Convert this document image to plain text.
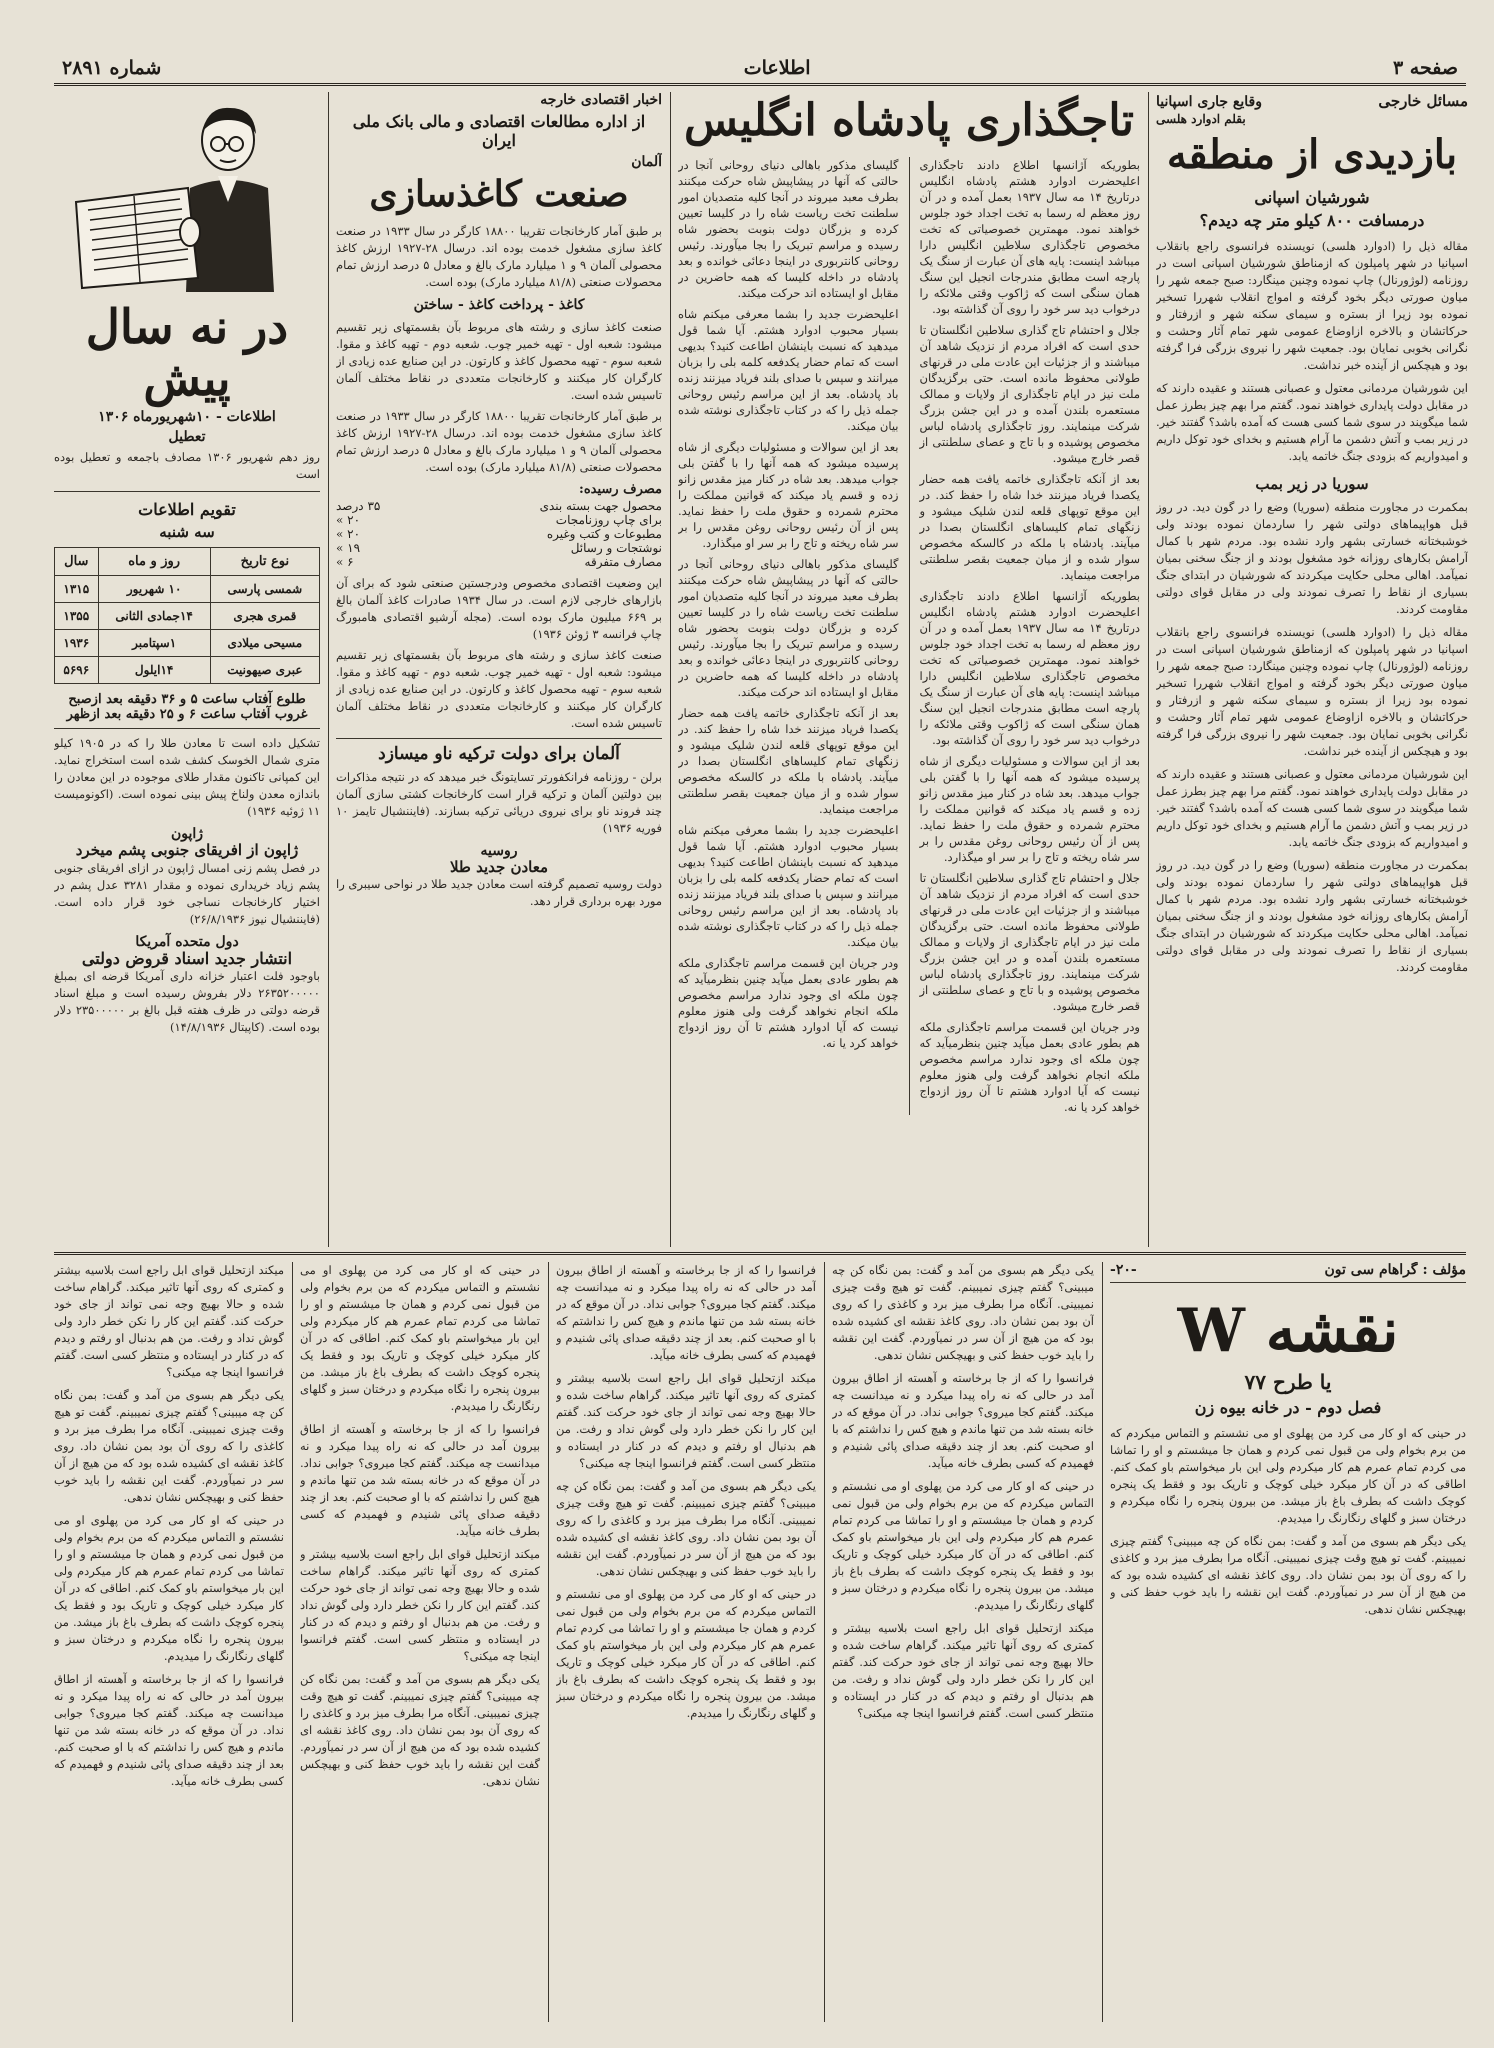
صفحه ۳
اطلاعات
شماره ۲۸۹۱
مسائل خارجی
وقایع جاری اسپانیا
بقلم ادوارد هلسی
بازدیدی از منطقه
شورشیان اسپانی
درمسافت ۸۰۰ کیلو متر چه دیدم؟

مقاله ذیل را (ادوارد هلسی) نویسنده فرانسوی راجع بانقلاب اسپانیا در شهر پامپلون که ازمناطق شورشیان اسپانی است در روزنامه (لوژورنال) چاپ نموده وچنین مینگارد: صبح جمعه شهر را میاون صورتی دیگر بخود گرفته و امواج انقلاب شهررا تسخیر نموده بود زیرا از بستره و سیمای سکنه شهر و ازرفتار و حرکاتشان و بالاخره ازاوضاع عمومی شهر تمام آثار وحشت و نگرانی بخوبی نمایان بود. جمعیت شهر را نیروی بزرگی فرا گرفته بود و هیچکس از آینده خبر نداشت.

این شورشیان مردمانی معتول و عصبانی هستند و عقیده دارند که در مقابل دولت پایداری خواهند نمود. گفتم مرا بهم چیز بطرز عمل شما میگویند در سوی شما کسی هست که آمده باشد؟ گفتند خیر. در زیر بمب و آتش دشمن ما آرام هستیم و بخدای خود توکل داریم و امیدواریم که بزودی جنگ خاتمه یابد.

سوریا در زیر بمب

بمکمرت در مجاورت منطقه (سوریا) وضع را در گون دید. در روز قبل هواپیماهای دولتی شهر را ساردمان نموده بودند ولی خوشبختانه خسارتی بشهر وارد نشده بود. مردم شهر با کمال آرامش بکارهای روزانه خود مشغول بودند و از جنگ سخنی بمیان نمیآمد. اهالی محلی حکایت میکردند که شورشیان در ابتدای جنگ بسیاری از نقاط را تصرف نمودند ولی در مقابل قوای دولتی مقاومت کردند.

مقاله ذیل را (ادوارد هلسی) نویسنده فرانسوی راجع بانقلاب اسپانیا در شهر پامپلون که ازمناطق شورشیان اسپانی است در روزنامه (لوژورنال) چاپ نموده وچنین مینگارد: صبح جمعه شهر را میاون صورتی دیگر بخود گرفته و امواج انقلاب شهررا تسخیر نموده بود زیرا از بستره و سیمای سکنه شهر و ازرفتار و حرکاتشان و بالاخره ازاوضاع عمومی شهر تمام آثار وحشت و نگرانی بخوبی نمایان بود. جمعیت شهر را نیروی بزرگی فرا گرفته بود و هیچکس از آینده خبر نداشت.

این شورشیان مردمانی معتول و عصبانی هستند و عقیده دارند که در مقابل دولت پایداری خواهند نمود. گفتم مرا بهم چیز بطرز عمل شما میگویند در سوی شما کسی هست که آمده باشد؟ گفتند خیر. در زیر بمب و آتش دشمن ما آرام هستیم و بخدای خود توکل داریم و امیدواریم که بزودی جنگ خاتمه یابد.

بمکمرت در مجاورت منطقه (سوریا) وضع را در گون دید. در روز قبل هواپیماهای دولتی شهر را ساردمان نموده بودند ولی خوشبختانه خسارتی بشهر وارد نشده بود. مردم شهر با کمال آرامش بکارهای روزانه خود مشغول بودند و از جنگ سخنی بمیان نمیآمد. اهالی محلی حکایت میکردند که شورشیان در ابتدای جنگ بسیاری از نقاط را تصرف نمودند ولی در مقابل قوای دولتی مقاومت کردند.

تاجگذاری پادشاه انگلیس

بطوریکه آژانسها اطلاع دادند تاجگذاری اعلیحضرت ادوارد هشتم پادشاه انگلیس درتاریخ ۱۴ مه سال ۱۹۳۷ بعمل آمده و در آن روز معظم له رسما به تخت اجداد خود جلوس خواهند نمود. مهمترین خصوصیاتی که تخت مخصوص تاجگذاری سلاطین انگلیس دارا میباشد اینست: پایه های آن عبارت از سنگ یک پارچه است مطابق مندرجات انجیل این سنگ همان سنگی است که ژاکوب وقتی ملائکه را درخواب دید سر خود را روی آن گذاشته بود.

جلال و احتشام تاج گذاری سلاطین انگلستان تا حدی است که افراد مردم از نزدیک شاهد آن میباشند و از جزئیات این عادت ملی در قرنهای طولانی محفوظ مانده است. حتی برگزیدگان ملت نیز در ایام تاجگذاری از ولایات و ممالک مستعمره بلندن آمده و در این جشن بزرگ شرکت مینمایند. روز تاجگذاری پادشاه لباس مخصوص پوشیده و با تاج و عصای سلطنتی از قصر خارج میشود.

بعد از آنکه تاجگذاری خاتمه یافت همه حضار یکصدا فریاد میزنند خدا شاه را حفظ کند. در این موقع توپهای قلعه لندن شلیک میشود و زنگهای تمام کلیساهای انگلستان بصدا در میآیند. پادشاه با ملکه در کالسکه مخصوص سوار شده و از میان جمعیت بقصر سلطنتی مراجعت مینماید.

بطوریکه آژانسها اطلاع دادند تاجگذاری اعلیحضرت ادوارد هشتم پادشاه انگلیس درتاریخ ۱۴ مه سال ۱۹۳۷ بعمل آمده و در آن روز معظم له رسما به تخت اجداد خود جلوس خواهند نمود. مهمترین خصوصیاتی که تخت مخصوص تاجگذاری سلاطین انگلیس دارا میباشد اینست: پایه های آن عبارت از سنگ یک پارچه است مطابق مندرجات انجیل این سنگ همان سنگی است که ژاکوب وقتی ملائکه را درخواب دید سر خود را روی آن گذاشته بود.

بعد از این سوالات و مسئولیات دیگری از شاه پرسیده میشود که همه آنها را با گفتن بلی جواب میدهد. بعد شاه در کنار میز مقدس زانو زده و قسم یاد میکند که قوانین مملکت را محترم شمرده و حقوق ملت را حفظ نماید. پس از آن رئیس روحانی روغن مقدس را بر سر شاه ریخته و تاج را بر سر او میگذارد.

جلال و احتشام تاج گذاری سلاطین انگلستان تا حدی است که افراد مردم از نزدیک شاهد آن میباشند و از جزئیات این عادت ملی در قرنهای طولانی محفوظ مانده است. حتی برگزیدگان ملت نیز در ایام تاجگذاری از ولایات و ممالک مستعمره بلندن آمده و در این جشن بزرگ شرکت مینمایند. روز تاجگذاری پادشاه لباس مخصوص پوشیده و با تاج و عصای سلطنتی از قصر خارج میشود.

ودر جریان این قسمت مراسم تاجگذاری ملکه هم بطور عادی بعمل میآید چنین بنظرمیآید که چون ملکه ای وجود ندارد مراسم مخصوص ملکه انجام نخواهد گرفت ولی هنوز معلوم نیست که آیا ادوارد هشتم تا آن روز ازدواج خواهد کرد یا نه.

گلیسای مذکور باهالی دنیای روحانی آنجا در حالتی که آنها در پیشاپیش شاه حرکت میکنند بطرف معبد میروند در آنجا کلیه متصدیان امور سلطنت تخت ریاست شاه را در کلیسا تعیین کرده و بزرگان دولت بنوبت بحضور شاه رسیده و مراسم تبریک را بجا میآورند. رئیس روحانی کانتربوری در اینجا دعائی خوانده و بعد پادشاه در داخله کلیسا که همه حاضرین در مقابل او ایستاده اند حرکت میکند.

اعلیحضرت جدید را بشما معرفی میکنم شاه بسیار محبوب ادوارد هشتم. آیا شما قول میدهید که نسبت باینشان اطاعت کنید؟ بدیهی است که تمام حضار یکدفعه کلمه بلی را بزبان میرانند و سپس با صدای بلند فریاد میزنند زنده باد پادشاه. بعد از این مراسم رئیس روحانی جمله ذیل را که در کتاب تاجگذاری نوشته شده بیان میکند.

بعد از این سوالات و مسئولیات دیگری از شاه پرسیده میشود که همه آنها را با گفتن بلی جواب میدهد. بعد شاه در کنار میز مقدس زانو زده و قسم یاد میکند که قوانین مملکت را محترم شمرده و حقوق ملت را حفظ نماید. پس از آن رئیس روحانی روغن مقدس را بر سر شاه ریخته و تاج را بر سر او میگذارد.

گلیسای مذکور باهالی دنیای روحانی آنجا در حالتی که آنها در پیشاپیش شاه حرکت میکنند بطرف معبد میروند در آنجا کلیه متصدیان امور سلطنت تخت ریاست شاه را در کلیسا تعیین کرده و بزرگان دولت بنوبت بحضور شاه رسیده و مراسم تبریک را بجا میآورند. رئیس روحانی کانتربوری در اینجا دعائی خوانده و بعد پادشاه در داخله کلیسا که همه حاضرین در مقابل او ایستاده اند حرکت میکند.

بعد از آنکه تاجگذاری خاتمه یافت همه حضار یکصدا فریاد میزنند خدا شاه را حفظ کند. در این موقع توپهای قلعه لندن شلیک میشود و زنگهای تمام کلیساهای انگلستان بصدا در میآیند. پادشاه با ملکه در کالسکه مخصوص سوار شده و از میان جمعیت بقصر سلطنتی مراجعت مینماید.

اعلیحضرت جدید را بشما معرفی میکنم شاه بسیار محبوب ادوارد هشتم. آیا شما قول میدهید که نسبت باینشان اطاعت کنید؟ بدیهی است که تمام حضار یکدفعه کلمه بلی را بزبان میرانند و سپس با صدای بلند فریاد میزنند زنده باد پادشاه. بعد از این مراسم رئیس روحانی جمله ذیل را که در کتاب تاجگذاری نوشته شده بیان میکند.

ودر جریان این قسمت مراسم تاجگذاری ملکه هم بطور عادی بعمل میآید چنین بنظرمیآید که چون ملکه ای وجود ندارد مراسم مخصوص ملکه انجام نخواهد گرفت ولی هنوز معلوم نیست که آیا ادوارد هشتم تا آن روز ازدواج خواهد کرد یا نه.

اخبار اقتصادی خارجه
از اداره مطالعات اقتصادی و مالی بانک ملی ایران
آلمان
صنعت کاغذسازی

بر طبق آمار کارخانجات تقریبا ۱۸۸۰۰ کارگر در سال ۱۹۳۳ در صنعت کاغذ سازی مشغول خدمت بوده اند. درسال ۲۸-۱۹۲۷ ارزش کاغذ محصولی آلمان ۹ و ۱ میلیارد مارک بالغ و معادل ۵ درصد ارزش تمام محصولات صنعتی (۸۱/۸ میلیارد مارک) بوده است.

کاغذ - پرداخت کاغذ - ساختن

صنعت کاغذ سازی و رشته های مربوط بآن بقسمتهای زیر تقسیم میشود: شعبه اول - تهیه خمیر چوب. شعبه دوم - تهیه کاغذ و مقوا. شعبه سوم - تهیه محصول کاغذ و کارتون. در این صنایع عده زیادی از کارگران کار میکنند و کارخانجات متعددی در نقاط مختلف آلمان تاسیس شده است.

بر طبق آمار کارخانجات تقریبا ۱۸۸۰۰ کارگر در سال ۱۹۳۳ در صنعت کاغذ سازی مشغول خدمت بوده اند. درسال ۲۸-۱۹۲۷ ارزش کاغذ محصولی آلمان ۹ و ۱ میلیارد مارک بالغ و معادل ۵ درصد ارزش تمام محصولات صنعتی (۸۱/۸ میلیارد مارک) بوده است.

مصرف رسیده:
محصول جهت بسته بندی
۳۵ درصد
برای چاپ روزنامجات
۲۰ »
مطبوعات و کتب وغیره
۲۰ »
نوشتجات و رسائل
۱۹ »
مصارف متفرقه
۶ »

این وضعیت اقتصادی مخصوص ودرجستین صنعتی شود که برای آن بازارهای خارجی لازم است. در سال ۱۹۳۴ صادرات کاغذ آلمان بالغ بر ۶۶۹ میلیون مارک بوده است. (مجله آرشیو اقتصادی هامبورگ چاپ فرانسه ۳ ژوئن ۱۹۳۶)

صنعت کاغذ سازی و رشته های مربوط بآن بقسمتهای زیر تقسیم میشود: شعبه اول - تهیه خمیر چوب. شعبه دوم - تهیه کاغذ و مقوا. شعبه سوم - تهیه محصول کاغذ و کارتون. در این صنایع عده زیادی از کارگران کار میکنند و کارخانجات متعددی در نقاط مختلف آلمان تاسیس شده است.

آلمان برای دولت ترکیه ناو میسازد

برلن - روزنامه فرانکفورتر تسایتونگ خبر میدهد که در نتیجه مذاکرات بین دولتین آلمان و ترکیه قرار است کارخانجات کشتی سازی آلمان چند فروند ناو برای نیروی دریائی ترکیه بسازند. (فایننشیال تایمز ۱۰ فوریه ۱۹۳۶)

روسیه
معادن جدید طلا

دولت روسیه تصمیم گرفته است معادن جدید طلا در نواحی سیبری را مورد بهره برداری قرار دهد.

در نه سال پیش
اطلاعات - ۱۰شهریورماه ۱۳۰۶
تعطیل

روز دهم شهریور ۱۳۰۶ مصادف باجمعه و تعطیل بوده است

تقویم اطلاعات
سه شنبه
نوع تاریخ	روز و ماه	سال
شمسی پارسی	۱۰ شهریور	۱۳۱۵
قمری هجری	۱۴جمادی الثانی	۱۳۵۵
مسیحی میلادی	۱سپتامبر	۱۹۳۶
عبری صیهونیت	۱۴ایلول	۵۶۹۶
طلوع آفتاب ساعت ۵ و ۳۶ دقیقه بعد ازصبح
غروب آفتاب ساعت ۶ و ۲۵ دقیقه بعد ازظهر

تشکیل داده است تا معادن طلا را که در ۱۹۰۵ کیلو متری شمال الخوسک کشف شده است استخراج نماید. این کمپانی تاکنون مقدار طلای موجوده در این معادن را باندازه معدن ولناخ پیش بینی نموده است. (اکونومیست ۱۱ ژوئیه ۱۹۳۶)

ژاپون
ژاپون از افریقای جنوبی پشم میخرد

در فصل پشم زنی امسال ژاپون در ازای افریقای جنوبی پشم زیاد خریداری نموده و مقدار ۳۲۸۱ عدل پشم در اختیار کارخانجات نساجی خود قرار داده است. (فایننشیال نیوز ۲۶/۸/۱۹۳۶)

دول متحده آمریکا
انتشار جدید اسناد قروض دولتی

باوجود فلت اعتبار خزانه داری آمریکا قرضه ای بمبلغ ۲۶۳۵۲۰۰۰۰۰ دلار بفروش رسیده است و مبلغ اسناد قرضه دولتی در ظرف هفته قبل بالغ بر ۲۳۵۰۰۰۰۰ دلار بوده است. (کاپیتال ۱۴/۸/۱۹۳۶)

مؤلف : گراهام سی تون
-۲۰-
نقشه W
یا طرح ۷۷
فصل دوم - در خانه بیوه زن

در حینی که او کار می کرد من پهلوی او می نشستم و التماس میکردم که من برم بخوام ولی من قبول نمی کردم و همان جا میشستم و او را تماشا می کردم تمام عمرم هم کار میکردم ولی این بار میخواستم باو کمک کنم. اطاقی که در آن کار میکرد خیلی کوچک و تاریک بود و فقط یک پنجره کوچک داشت که بطرف باغ باز میشد. من بیرون پنجره را نگاه میکردم و درختان سبز و گلهای رنگارنگ را میدیدم.

یکی دیگر هم بسوی من آمد و گفت: بمن نگاه کن چه میبینی؟ گفتم چیزی نمیبینم. گفت تو هیچ وقت چیزی نمیبینی. آنگاه مرا بطرف میز برد و کاغذی را که روی آن بود بمن نشان داد. روی کاغذ نقشه ای کشیده شده بود که من هیچ از آن سر در نمیآوردم. گفت این نقشه را باید خوب حفظ کنی و بهیچکس نشان ندهی.

یکی دیگر هم بسوی من آمد و گفت: بمن نگاه کن چه میبینی؟ گفتم چیزی نمیبینم. گفت تو هیچ وقت چیزی نمیبینی. آنگاه مرا بطرف میز برد و کاغذی را که روی آن بود بمن نشان داد. روی کاغذ نقشه ای کشیده شده بود که من هیچ از آن سر در نمیآوردم. گفت این نقشه را باید خوب حفظ کنی و بهیچکس نشان ندهی.

فرانسوا را که از جا برخاسته و آهسته از اطاق بیرون آمد در حالی که نه راه پیدا میکرد و نه میدانست چه میکند. گفتم کجا میروی؟ جوابی نداد. در آن موقع که در خانه بسته شد من تنها ماندم و هیچ کس را نداشتم که با او صحبت کنم. بعد از چند دقیقه صدای پائی شنیدم و فهمیدم که کسی بطرف خانه میآید.

در حینی که او کار می کرد من پهلوی او می نشستم و التماس میکردم که من برم بخوام ولی من قبول نمی کردم و همان جا میشستم و او را تماشا می کردم تمام عمرم هم کار میکردم ولی این بار میخواستم باو کمک کنم. اطاقی که در آن کار میکرد خیلی کوچک و تاریک بود و فقط یک پنجره کوچک داشت که بطرف باغ باز میشد. من بیرون پنجره را نگاه میکردم و درختان سبز و گلهای رنگارنگ را میدیدم.

میکند ازتحلیل قوای ابل راجع است بلاسیه بیشتر و کمتری که روی آنها تاثیر میکند. گراهام ساخت شده و حالا بهیچ وجه نمی تواند از جای خود حرکت کند. گفتم این کار را نکن خطر دارد ولی گوش نداد و رفت. من هم بدنبال او رفتم و دیدم که در کنار در ایستاده و منتظر کسی است. گفتم فرانسوا اینجا چه میکنی؟

فرانسوا را که از جا برخاسته و آهسته از اطاق بیرون آمد در حالی که نه راه پیدا میکرد و نه میدانست چه میکند. گفتم کجا میروی؟ جوابی نداد. در آن موقع که در خانه بسته شد من تنها ماندم و هیچ کس را نداشتم که با او صحبت کنم. بعد از چند دقیقه صدای پائی شنیدم و فهمیدم که کسی بطرف خانه میآید.

میکند ازتحلیل قوای ابل راجع است بلاسیه بیشتر و کمتری که روی آنها تاثیر میکند. گراهام ساخت شده و حالا بهیچ وجه نمی تواند از جای خود حرکت کند. گفتم این کار را نکن خطر دارد ولی گوش نداد و رفت. من هم بدنبال او رفتم و دیدم که در کنار در ایستاده و منتظر کسی است. گفتم فرانسوا اینجا چه میکنی؟

یکی دیگر هم بسوی من آمد و گفت: بمن نگاه کن چه میبینی؟ گفتم چیزی نمیبینم. گفت تو هیچ وقت چیزی نمیبینی. آنگاه مرا بطرف میز برد و کاغذی را که روی آن بود بمن نشان داد. روی کاغذ نقشه ای کشیده شده بود که من هیچ از آن سر در نمیآوردم. گفت این نقشه را باید خوب حفظ کنی و بهیچکس نشان ندهی.

در حینی که او کار می کرد من پهلوی او می نشستم و التماس میکردم که من برم بخوام ولی من قبول نمی کردم و همان جا میشستم و او را تماشا می کردم تمام عمرم هم کار میکردم ولی این بار میخواستم باو کمک کنم. اطاقی که در آن کار میکرد خیلی کوچک و تاریک بود و فقط یک پنجره کوچک داشت که بطرف باغ باز میشد. من بیرون پنجره را نگاه میکردم و درختان سبز و گلهای رنگارنگ را میدیدم.

در حینی که او کار می کرد من پهلوی او می نشستم و التماس میکردم که من برم بخوام ولی من قبول نمی کردم و همان جا میشستم و او را تماشا می کردم تمام عمرم هم کار میکردم ولی این بار میخواستم باو کمک کنم. اطاقی که در آن کار میکرد خیلی کوچک و تاریک بود و فقط یک پنجره کوچک داشت که بطرف باغ باز میشد. من بیرون پنجره را نگاه میکردم و درختان سبز و گلهای رنگارنگ را میدیدم.

فرانسوا را که از جا برخاسته و آهسته از اطاق بیرون آمد در حالی که نه راه پیدا میکرد و نه میدانست چه میکند. گفتم کجا میروی؟ جوابی نداد. در آن موقع که در خانه بسته شد من تنها ماندم و هیچ کس را نداشتم که با او صحبت کنم. بعد از چند دقیقه صدای پائی شنیدم و فهمیدم که کسی بطرف خانه میآید.

میکند ازتحلیل قوای ابل راجع است بلاسیه بیشتر و کمتری که روی آنها تاثیر میکند. گراهام ساخت شده و حالا بهیچ وجه نمی تواند از جای خود حرکت کند. گفتم این کار را نکن خطر دارد ولی گوش نداد و رفت. من هم بدنبال او رفتم و دیدم که در کنار در ایستاده و منتظر کسی است. گفتم فرانسوا اینجا چه میکنی؟

یکی دیگر هم بسوی من آمد و گفت: بمن نگاه کن چه میبینی؟ گفتم چیزی نمیبینم. گفت تو هیچ وقت چیزی نمیبینی. آنگاه مرا بطرف میز برد و کاغذی را که روی آن بود بمن نشان داد. روی کاغذ نقشه ای کشیده شده بود که من هیچ از آن سر در نمیآوردم. گفت این نقشه را باید خوب حفظ کنی و بهیچکس نشان ندهی.

میکند ازتحلیل قوای ابل راجع است بلاسیه بیشتر و کمتری که روی آنها تاثیر میکند. گراهام ساخت شده و حالا بهیچ وجه نمی تواند از جای خود حرکت کند. گفتم این کار را نکن خطر دارد ولی گوش نداد و رفت. من هم بدنبال او رفتم و دیدم که در کنار در ایستاده و منتظر کسی است. گفتم فرانسوا اینجا چه میکنی؟

یکی دیگر هم بسوی من آمد و گفت: بمن نگاه کن چه میبینی؟ گفتم چیزی نمیبینم. گفت تو هیچ وقت چیزی نمیبینی. آنگاه مرا بطرف میز برد و کاغذی را که روی آن بود بمن نشان داد. روی کاغذ نقشه ای کشیده شده بود که من هیچ از آن سر در نمیآوردم. گفت این نقشه را باید خوب حفظ کنی و بهیچکس نشان ندهی.

در حینی که او کار می کرد من پهلوی او می نشستم و التماس میکردم که من برم بخوام ولی من قبول نمی کردم و همان جا میشستم و او را تماشا می کردم تمام عمرم هم کار میکردم ولی این بار میخواستم باو کمک کنم. اطاقی که در آن کار میکرد خیلی کوچک و تاریک بود و فقط یک پنجره کوچک داشت که بطرف باغ باز میشد. من بیرون پنجره را نگاه میکردم و درختان سبز و گلهای رنگارنگ را میدیدم.

فرانسوا را که از جا برخاسته و آهسته از اطاق بیرون آمد در حالی که نه راه پیدا میکرد و نه میدانست چه میکند. گفتم کجا میروی؟ جوابی نداد. در آن موقع که در خانه بسته شد من تنها ماندم و هیچ کس را نداشتم که با او صحبت کنم. بعد از چند دقیقه صدای پائی شنیدم و فهمیدم که کسی بطرف خانه میآید.
